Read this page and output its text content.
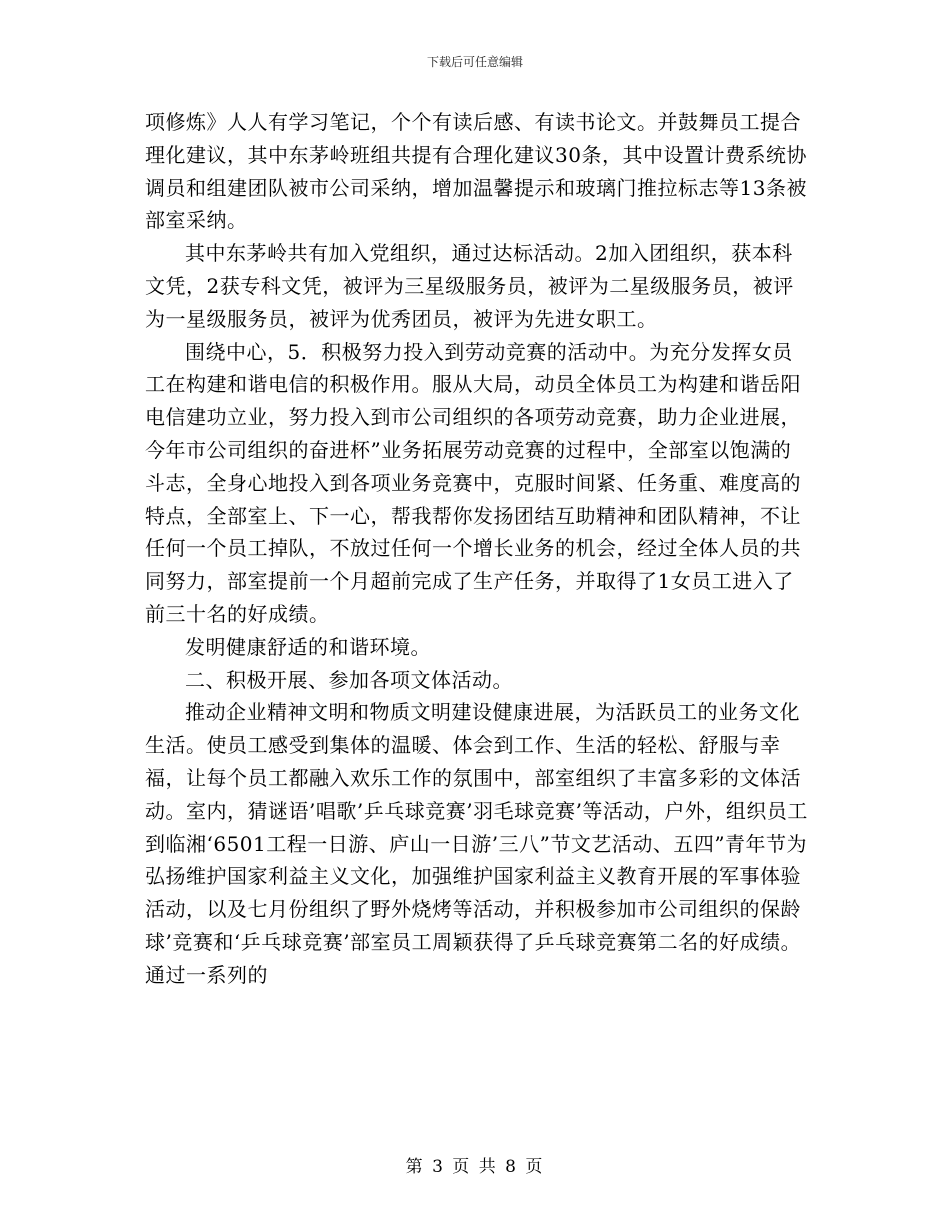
下载后可任意编辑

项修炼》人人有学习笔记，个个有读后感、有读书论文。并鼓舞员工提合理化建议，其中东茅岭班组共提有合理化建议30条，其中设置计费系统协调员和组建团队被市公司采纳，增加温馨提示和玻璃门推拉标志等13条被部室采纳。

其中东茅岭共有加入党组织，通过达标活动。2加入团组织，获本科文凭，2获专科文凭，被评为三星级服务员，被评为二星级服务员，被评为一星级服务员，被评为优秀团员，被评为先进女职工。

围绕中心，5．积极努力投入到劳动竞赛的活动中。为充分发挥女员工在构建和谐电信的积极作用。服从大局，动员全体员工为构建和谐岳阳电信建功立业，努力投入到市公司组织的各项劳动竞赛，助力企业进展，今年市公司组织的奋进杯”业务拓展劳动竞赛的过程中，全部室以饱满的斗志，全身心地投入到各项业务竞赛中，克服时间紧、任务重、难度高的特点，全部室上、下一心，帮我帮你发扬团结互助精神和团队精神，不让任何一个员工掉队，不放过任何一个增长业务的机会，经过全体人员的共同努力，部室提前一个月超前完成了生产任务，并取得了1女员工进入了前三十名的好成绩。

发明健康舒适的和谐环境。

二、积极开展、参加各项文体活动。

推动企业精神文明和物质文明建设健康进展，为活跃员工的业务文化生活。使员工感受到集体的温暖、体会到工作、生活的轻松、舒服与幸福，让每个员工都融入欢乐工作的氛围中，部室组织了丰富多彩的文体活动。室内，猜谜语’唱歌’乒乓球竞赛’羽毛球竞赛’等活动，户外，组织员工到临湘‘6501工程一日游、庐山一日游’三八”节文艺活动、五四”青年节为弘扬维护国家利益主义文化，加强维护国家利益主义教育开展的军事体验活动，以及七月份组织了野外烧烤等活动，并积极参加市公司组织的保龄球’竞赛和‘乒乓球竞赛’部室员工周颖获得了乒乓球竞赛第二名的好成绩。通过一系列的

第 3 页 共 8 页
